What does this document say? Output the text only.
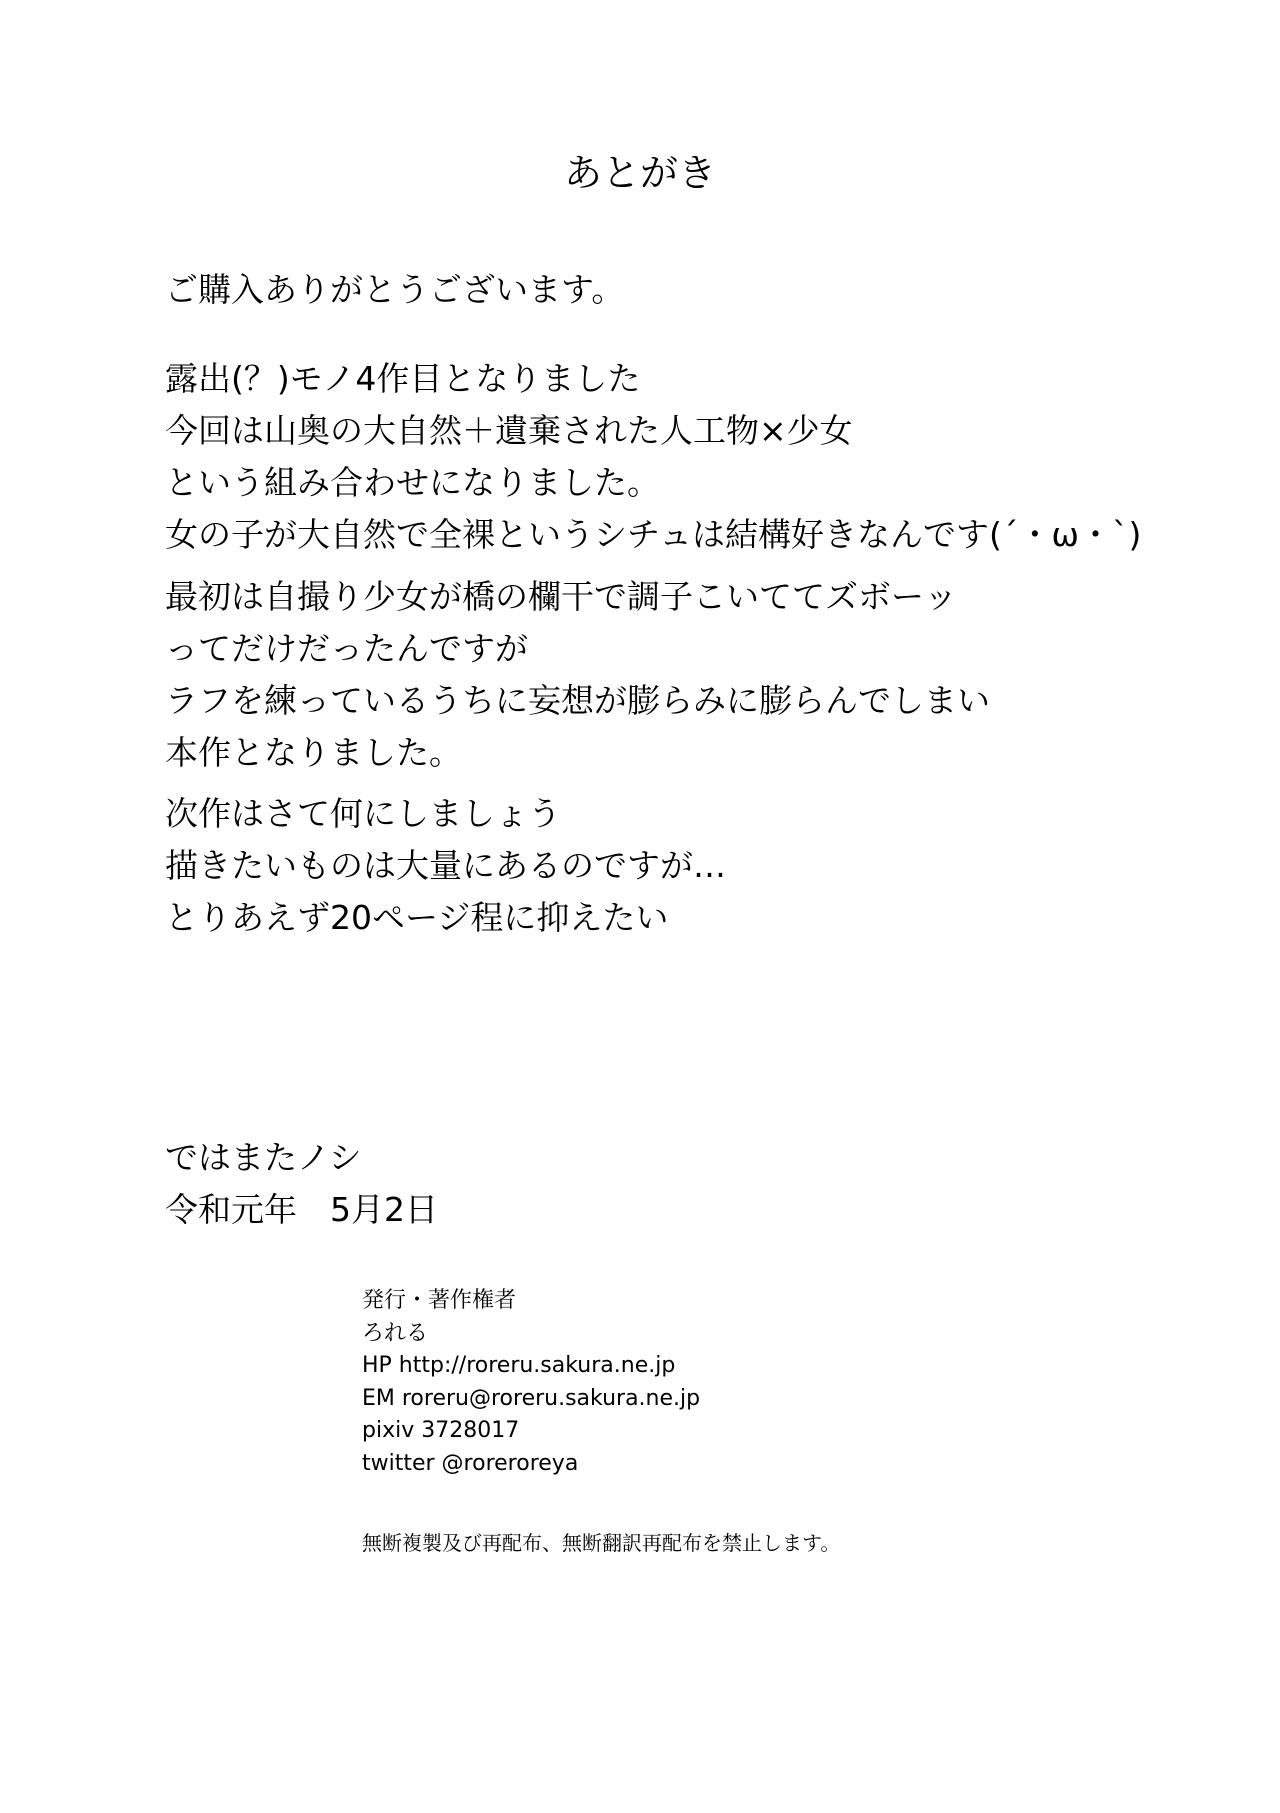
あとがき
ご購入ありがとうございます。
露出(？)モノ4作目となりました
今回は山奥の大自然＋遺棄された人工物×少女
という組み合わせになりました。
女の子が大自然で全裸というシチュは結構好きなんです(´・ω・`)
最初は自撮り少女が橋の欄干で調子こいててズボーッ
ってだけだったんですが
ラフを練っているうちに妄想が膨らみに膨らんでしまい
本作となりました。
次作はさて何にしましょう
描きたいものは大量にあるのですが…
とりあえず20ページ程に抑えたい
ではまたノシ
令和元年　5月2日
発行・著作権者
ろれる
HP http://roreru.sakura.ne.jp
EM roreru@roreru.sakura.ne.jp
pixiv 3728017
twitter @roreroreya
無断複製及び再配布、無断翻訳再配布を禁止します。
